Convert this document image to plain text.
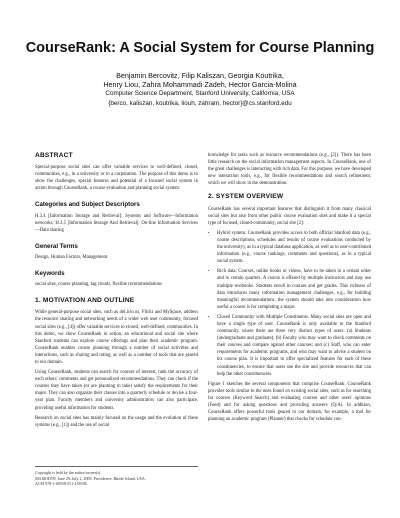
CourseRank: A Social System for Course Planning
Benjamin Bercovitz, Filip Kaliszan, Georgia Koutrika,
Henry Liou, Zahra Mohammadi Zadeh, Hector Garcia-Molina
Computer Science Department, Stanford University, California, USA
{berco, kaliszan, koutrika, liouh, zahram, hector}@cs.stanford.edu
ABSTRACT

Special-purpose social sites can offer valuable services to well-defined, closed, communities, e.g., in a university or in a corporation. The purpose of this demo is to show the challenges, special features and potential of a focused social system in action through CourseRank, a course evaluation and planning social system.

Categories and Subject Descriptors

H.3.4 [Information Storage and Retrieval]: Systems and Software—Information networks; H.3.5 [Information Storage And Retrieval]: On-line Information Services—Data sharing

General Terms

Design, Human Factors, Management

Keywords

social sites, course planning, tag clouds, flexible recommendations

1. MOTIVATION AND OUTLINE

While general-purpose social sites, such as del.icio.us, Flickr and MySpace, address the resource sharing and networking needs of a wider web user community, focused social sites (e.g., [4]) offer valuable services to closed, well-defined, communities. In this demo, we show CourseRank in action, an educational and social site where Stanford students can explore course offerings and plan their academic program. CourseRank enables course planning through a number of social activities and interactions, such as sharing and rating, as well as a number of tools that are geared to our domain.

Using CourseRank, students can search for courses of interest, rank the accuracy of each others' comments and get personalized recommendations. They can check if the courses they have taken (or are planning to take) satisfy the requirements for their major. They can also organize their classes into a quarterly schedule or devise a four-year plan. Faculty members and university administrators can also participate, providing useful information for students.

Research on social sites has mainly focused on the usage and the evolution of these systems (e.g., [1]) and the use of social

Copyright is held by the author/owner(s).
SIGMOD'09, June 29–July 2, 2009, Providence, Rhode Island, USA.
ACM 978-1-60558-551-2/09/06.

knowledge for tasks such as resource recommendations (e.g., [2]). There has been little research on the social information management aspects. In CourseRank, one of the great challenges is interacting with rich data. For this purpose, we have developed new interaction tools, e.g., for flexible recommendations and search refinement, which we will show in the demonstration.

2. SYSTEM OVERVIEW

CourseRank has several important features that distinguish it from many classical social sites but also from other public course evaluation sites and make it a special type of focused, closed-community, social site [2]:

• Hybrid system. CourseRank provides access to both official Stanford data (e.g., course descriptions, schedules and results of course evaluations conducted by the university), as in a typical database application, as well as to user-contributed information (e.g., course rankings, comments and questions), as in a typical social system.
• Rich data. Courses, unlike books or videos, have to be taken in a certain order and in certain quarters. A course is offered by multiple instructors and may use multiple textbooks. Students enroll in courses and get grades. This richness of data introduces many information management challenges, e.g., for building meaningful recommendations, the system should take into consideration how useful a course is for completing a major.
• Closed Community with Multiple Constituents. Many social sites are open and have a single type of user. CourseRank is only available to the Stanford community, where there are three very distinct types of users: (a) Students (undergraduate and graduate); (b) Faculty who may want to check comments on their courses and compare against other courses; and (c) Staff, who can enter requirements for academic programs, and who may want to advise a student on his course plan. It is important to offer specialized features for each of these constituencies, to ensure that users see the site and provide resources that can help the other constituencies.

Figure 1 sketches the several components that comprise CourseRank. CourseRank provides tools similar to the ones found on existing social sites, such as for searching for courses (Keyword Search) and evaluating courses and other users' opinions (Feed) and for asking questions and providing answers (Q/A). In addition, CourseRank offers powerful tools geared to our domain, for example, a tool for planning an academic program (Planner) that checks for schedule con-
